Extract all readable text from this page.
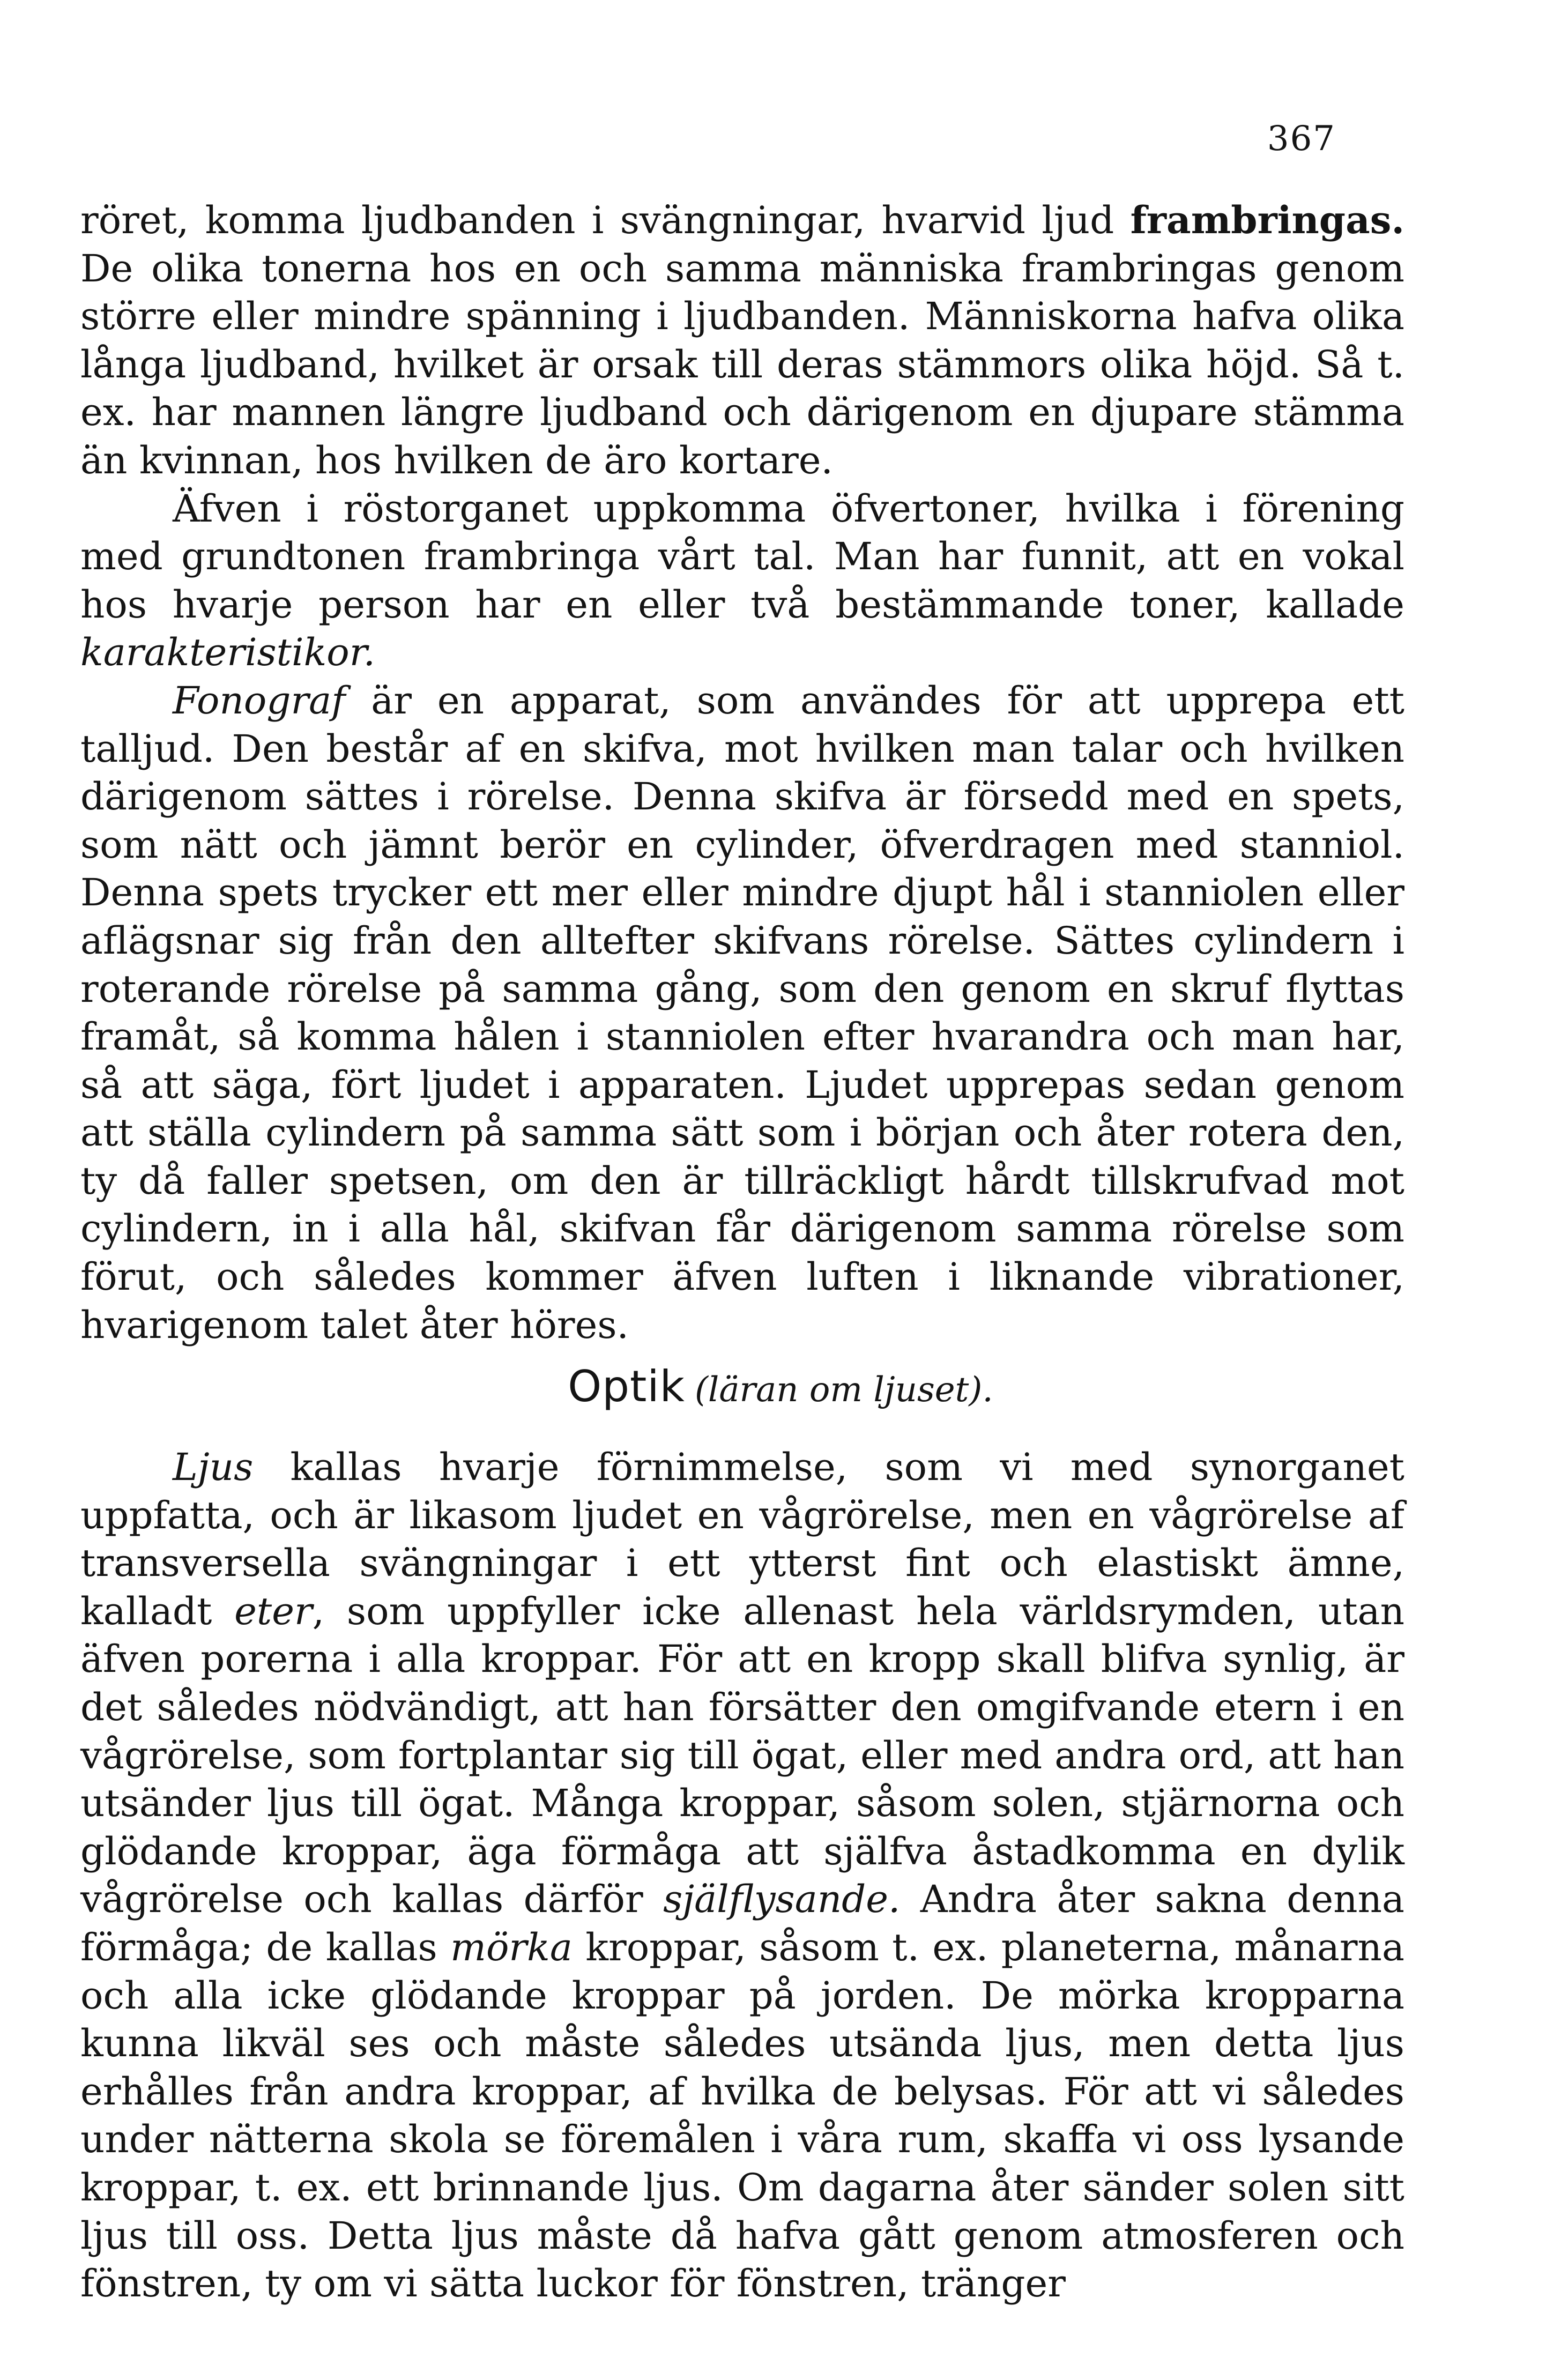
367

röret, komma ljudbanden i svängningar, hvarvid ljud frambringas. De olika tonerna hos en och samma människa frambringas genom större eller mindre spänning i ljudbanden. Människorna hafva olika långa ljudband, hvilket är orsak till deras stämmors olika höjd. Så t. ex. har mannen längre ljudband och därigenom en djupare stämma än kvinnan, hos hvilken de äro kortare.

Äfven i röstorganet uppkomma öfvertoner, hvilka i förening med grundtonen frambringa vårt tal. Man har funnit, att en vokal hos hvarje person har en eller två bestämmande toner, kallade karakteristikor.

Fonograf är en apparat, som användes för att upprepa ett talljud. Den består af en skifva, mot hvilken man talar och hvilken därigenom sättes i rörelse. Denna skifva är försedd med en spets, som nätt och jämnt berör en cylinder, öfverdragen med stanniol. Denna spets trycker ett mer eller mindre djupt hål i stanniolen eller aflägsnar sig från den alltefter skifvans rörelse. Sättes cylindern i roterande rörelse på samma gång, som den genom en skruf flyttas framåt, så komma hålen i stanniolen efter hvarandra och man har, så att säga, fört ljudet i apparaten. Ljudet upprepas sedan genom att ställa cylindern på samma sätt som i början och åter rotera den, ty då faller spetsen, om den är tillräckligt hårdt tillskrufvad mot cylindern, in i alla hål, skifvan får därigenom samma rörelse som förut, och således kommer äfven luften i liknande vibrationer, hvarigenom talet åter höres.

Optik (läran om ljuset).

Ljus kallas hvarje förnimmelse, som vi med synorganet uppfatta, och är likasom ljudet en vågrörelse, men en vågrörelse af transversella svängningar i ett ytterst fint och elastiskt ämne, kalladt eter, som uppfyller icke allenast hela världsrymden, utan äfven porerna i alla kroppar. För att en kropp skall blifva synlig, är det således nödvändigt, att han försätter den omgifvande etern i en vågrörelse, som fortplantar sig till ögat, eller med andra ord, att han utsänder ljus till ögat. Många kroppar, såsom solen, stjärnorna och glödande kroppar, äga förmåga att själfva åstadkomma en dylik vågrörelse och kallas därför själflysande. Andra åter sakna denna förmåga; de kallas mörka kroppar, såsom t. ex. planeterna, månarna och alla icke glödande kroppar på jorden. De mörka kropparna kunna likväl ses och måste således utsända ljus, men detta ljus erhålles från andra kroppar, af hvilka de belysas. För att vi således under nätterna skola se föremålen i våra rum, skaffa vi oss lysande kroppar, t. ex. ett brinnande ljus. Om dagarna åter sänder solen sitt ljus till oss. Detta ljus måste då hafva gått genom atmosferen och fönstren, ty om vi sätta luckor för fönstren, tränger
